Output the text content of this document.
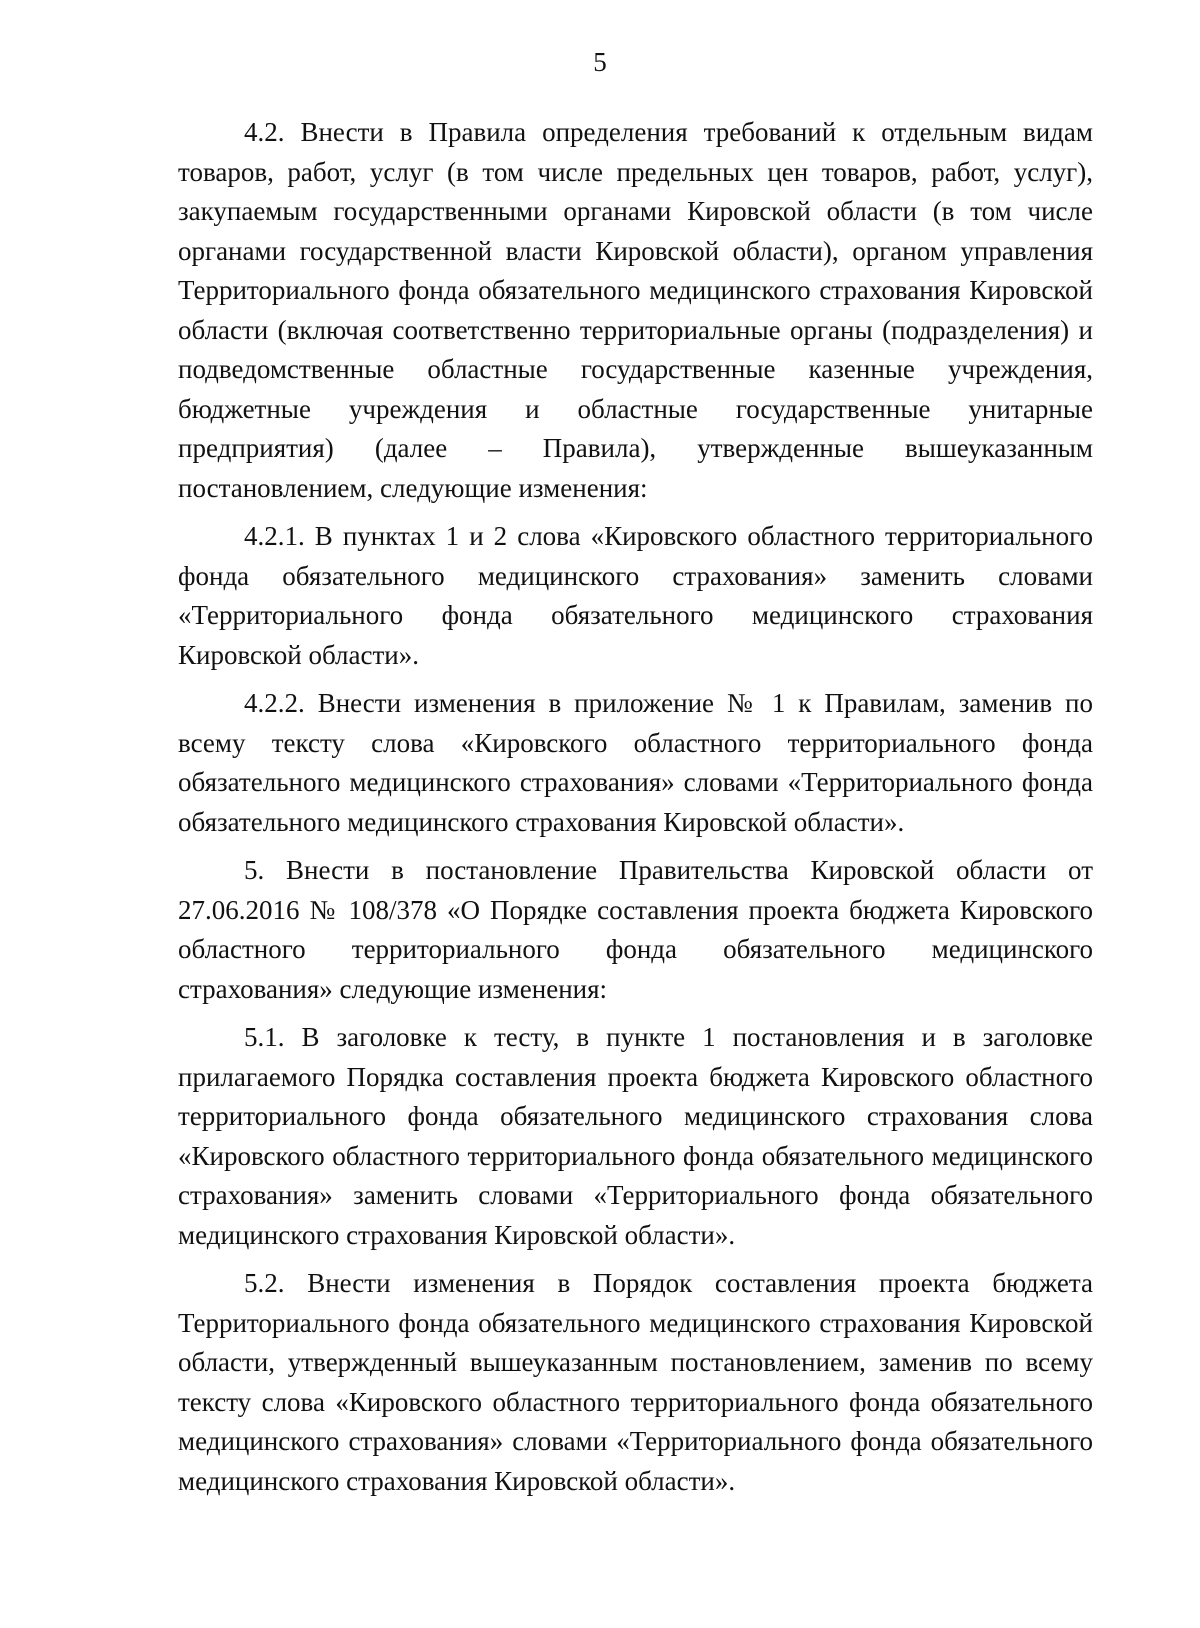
5

4.2. Внести в Правила определения требований к отдельным видам товаров, работ, услуг (в том числе предельных цен товаров, работ, услуг), закупаемым государственными органами Кировской области (в том числе органами государственной власти Кировской области), органом управления Территориального фонда обязательного медицинского страхования Кировской области (включая соответственно территориальные органы (подразделения) и подведомственные областные государственные казенные учреждения, бюджетные учреждения и областные государственные унитарные предприятия) (далее – Правила), утвержденные вышеуказанным постановлением, следующие изменения:

4.2.1. В пунктах 1 и 2 слова «Кировского областного территориального фонда обязательного медицинского страхования» заменить словами «Территориального фонда обязательного медицинского страхования Кировской области».

4.2.2. Внести изменения в приложение № 1 к Правилам, заменив по всему тексту слова «Кировского областного территориального фонда обязательного медицинского страхования» словами «Территориального фонда обязательного медицинского страхования Кировской области».

5. Внести в постановление Правительства Кировской области от 27.06.2016 № 108/378 «О Порядке составления проекта бюджета Кировского областного территориального фонда обязательного медицинского страхования» следующие изменения:

5.1. В заголовке к тесту, в пункте 1 постановления и в заголовке прилагаемого Порядка составления проекта бюджета Кировского областного территориального фонда обязательного медицинского страхования слова «Кировского областного территориального фонда обязательного медицинского страхования» заменить словами «Территориального фонда обязательного медицинского страхования Кировской области».

5.2. Внести изменения в Порядок составления проекта бюджета Территориального фонда обязательного медицинского страхования Кировской области, утвержденный вышеуказанным постановлением, заменив по всему тексту слова «Кировского областного территориального фонда обязательного медицинского страхования» словами «Территориального фонда обязательного медицинского страхования Кировской области».
